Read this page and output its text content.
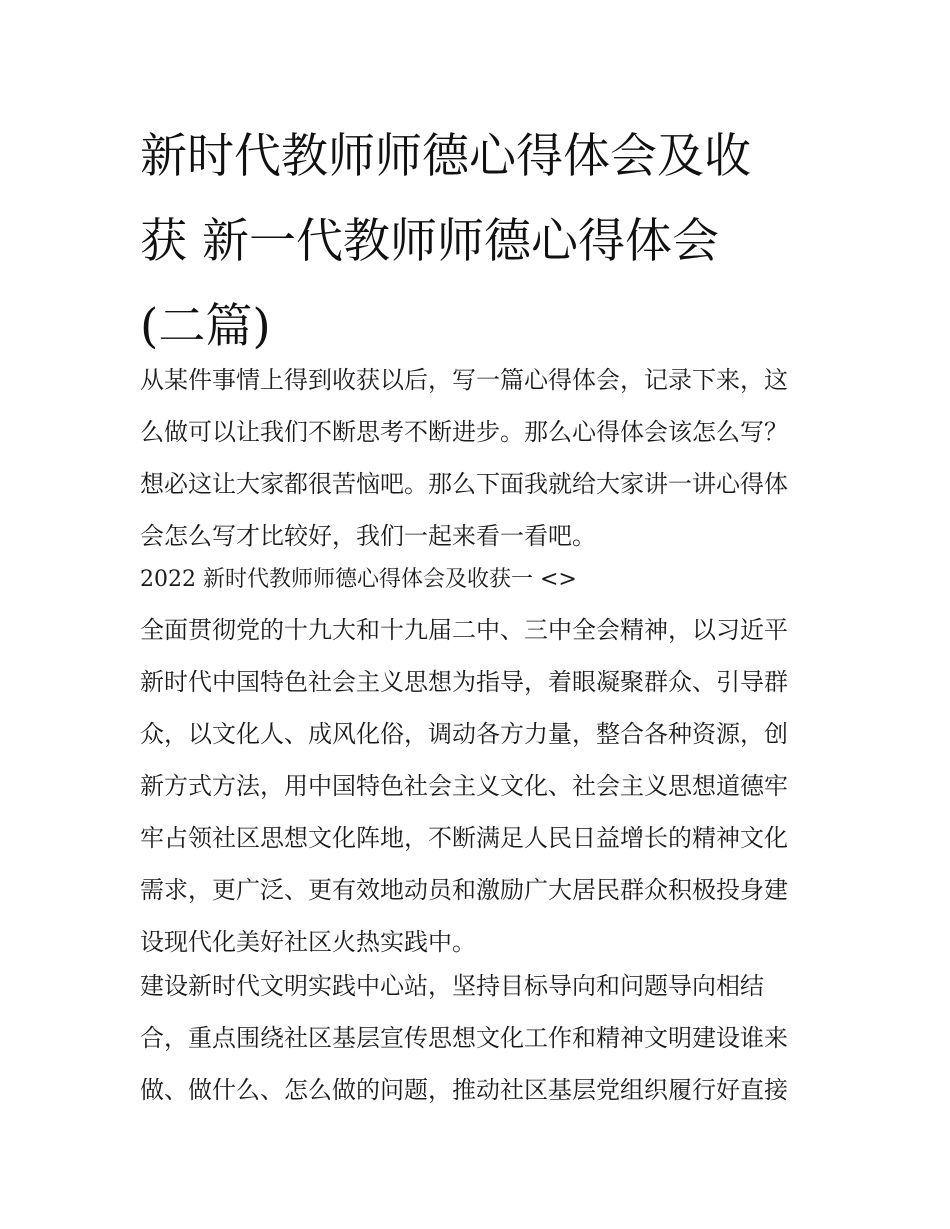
新时代教师师德心得体会及收
获 新一代教师师德心得体会
(二篇)

从某件事情上得到收获以后，写一篇心得体会，记录下来，这
么做可以让我们不断思考不断进步。那么心得体会该怎么写？
想必这让大家都很苦恼吧。那么下面我就给大家讲一讲心得体
会怎么写才比较好，我们一起来看一看吧。

2022 新时代教师师德心得体会及收获一 <>

全面贯彻党的十九大和十九届二中、三中全会精神，以习近平
新时代中国特色社会主义思想为指导，着眼凝聚群众、引导群
众，以文化人、成风化俗，调动各方力量，整合各种资源，创
新方式方法，用中国特色社会主义文化、社会主义思想道德牢
牢占领社区思想文化阵地，不断满足人民日益增长的精神文化
需求，更广泛、更有效地动员和激励广大居民群众积极投身建
设现代化美好社区火热实践中。

建设新时代文明实践中心站，坚持目标导向和问题导向相结
合，重点围绕社区基层宣传思想文化工作和精神文明建设谁来
做、做什么、怎么做的问题，推动社区基层党组织履行好直接
